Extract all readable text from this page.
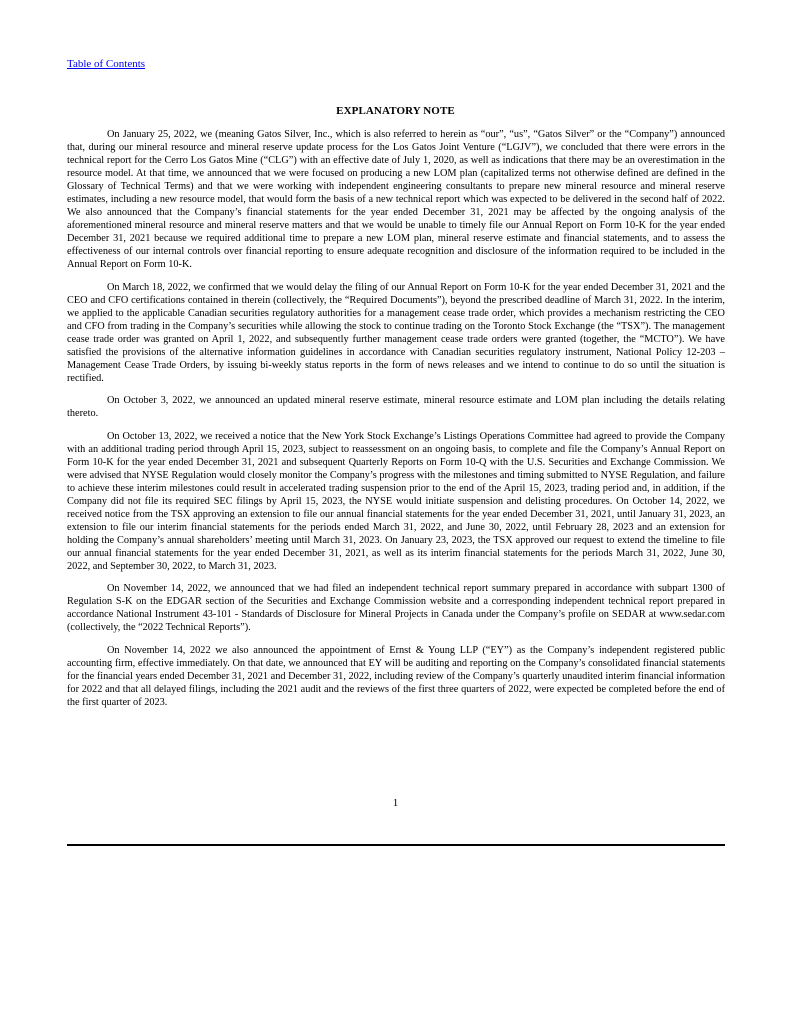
Table of Contents
EXPLANATORY NOTE

On January 25, 2022, we (meaning Gatos Silver, Inc., which is also referred to herein as “our”, “us”, “Gatos Silver” or the “Company”) announced that, during our mineral resource and mineral reserve update process for the Los Gatos Joint Venture (“LGJV”), we concluded that there were errors in the technical report for the Cerro Los Gatos Mine (“CLG”) with an effective date of July 1, 2020, as well as indications that there may be an overestimation in the resource model. At that time, we announced that we were focused on producing a new LOM plan (capitalized terms not otherwise defined are defined in the Glossary of Technical Terms) and that we were working with independent engineering consultants to prepare new mineral resource and mineral reserve estimates, including a new resource model, that would form the basis of a new technical report which was expected to be delivered in the second half of 2022. We also announced that the Company’s financial statements for the year ended December 31, 2021 may be affected by the ongoing analysis of the aforementioned mineral resource and mineral reserve matters and that we would be unable to timely file our Annual Report on Form 10-K for the year ended December 31, 2021 because we required additional time to prepare a new LOM plan, mineral reserve estimate and financial statements, and to assess the effectiveness of our internal controls over financial reporting to ensure adequate recognition and disclosure of the information required to be included in the Annual Report on Form 10-K.

On March 18, 2022, we confirmed that we would delay the filing of our Annual Report on Form 10-K for the year ended December 31, 2021 and the CEO and CFO certifications contained in therein (collectively, the “Required Documents”), beyond the prescribed deadline of March 31, 2022. In the interim, we applied to the applicable Canadian securities regulatory authorities for a management cease trade order, which provides a mechanism restricting the CEO and CFO from trading in the Company’s securities while allowing the stock to continue trading on the Toronto Stock Exchange (the “TSX”). The management cease trade order was granted on April 1, 2022, and subsequently further management cease trade orders were granted (together, the “MCTO”). We have satisfied the provisions of the alternative information guidelines in accordance with Canadian securities regulatory instrument, National Policy 12-203 – Management Cease Trade Orders, by issuing bi-weekly status reports in the form of news releases and we intend to continue to do so until the situation is rectified.

On October 3, 2022, we announced an updated mineral reserve estimate, mineral resource estimate and LOM plan including the details relating thereto.

On October 13, 2022, we received a notice that the New York Stock Exchange’s Listings Operations Committee had agreed to provide the Company with an additional trading period through April 15, 2023, subject to reassessment on an ongoing basis, to complete and file the Company’s Annual Report on Form 10-K for the year ended December 31, 2021 and subsequent Quarterly Reports on Form 10-Q with the U.S. Securities and Exchange Commission. We were advised that NYSE Regulation would closely monitor the Company’s progress with the milestones and timing submitted to NYSE Regulation, and failure to achieve these interim milestones could result in accelerated trading suspension prior to the end of the April 15, 2023, trading period and, in addition, if the Company did not file its required SEC filings by April 15, 2023, the NYSE would initiate suspension and delisting procedures. On October 14, 2022, we received notice from the TSX approving an extension to file our annual financial statements for the year ended December 31, 2021, until January 31, 2023, an extension to file our interim financial statements for the periods ended March 31, 2022, and June 30, 2022, until February 28, 2023 and an extension for holding the Company’s annual shareholders’ meeting until March 31, 2023. On January 23, 2023, the TSX approved our request to extend the timeline to file our annual financial statements for the year ended December 31, 2021, as well as its interim financial statements for the periods March 31, 2022, June 30, 2022, and September 30, 2022, to March 31, 2023.

On November 14, 2022, we announced that we had filed an independent technical report summary prepared in accordance with subpart 1300 of Regulation S-K on the EDGAR section of the Securities and Exchange Commission website and a corresponding independent technical report prepared in accordance National Instrument 43-101 - Standards of Disclosure for Mineral Projects in Canada under the Company’s profile on SEDAR at www.sedar.com (collectively, the “2022 Technical Reports”).

On November 14, 2022 we also announced the appointment of Ernst & Young LLP (“EY”) as the Company’s independent registered public accounting firm, effective immediately. On that date, we announced that EY will be auditing and reporting on the Company’s consolidated financial statements for the financial years ended December 31, 2021 and December 31, 2022, including review of the Company’s quarterly unaudited interim financial information for 2022 and that all delayed filings, including the 2021 audit and the reviews of the first three quarters of 2022, were expected be completed before the end of the first quarter of 2023.

1
